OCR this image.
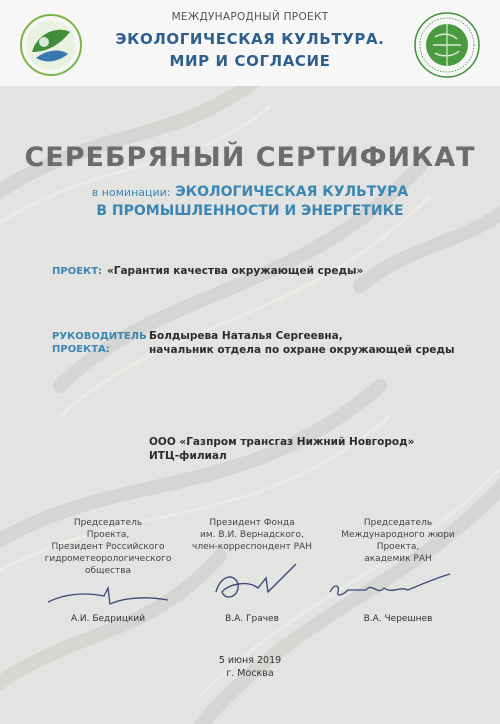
МЕЖДУНАРОДНЫЙ ПРОЕКТ
ЭКОЛОГИЧЕСКАЯ КУЛЬТУРА.
МИР И СОГЛАСИЕ
СЕРЕБРЯНЫЙ СЕРТИФИКАТ
в номинации: ЭКОЛОГИЧЕСКАЯ КУЛЬТУРА
В ПРОМЫШЛЕННОСТИ И ЭНЕРГЕТИКЕ
ПРОЕКТ: «Гарантия качества окружающей среды»
РУКОВОДИТЕЛЬ
ПРОЕКТА:
Болдырева Наталья Сергеевна,
начальник отдела по охране окружающей среды
ООО «Газпром трансгаз Нижний Новгород»
ИТЦ-филиал
Председатель
Проекта,
Президент Российского
гидрометеорологического
общества
А.И. Бедрицкий
Президент Фонда
им. В.И. Вернадского,
член-корреспондент РАН
В.А. Грачев
Председатель
Международного жюри
Проекта,
академик РАН
В.А. Черешнев
5 июня 2019
г. Москва
